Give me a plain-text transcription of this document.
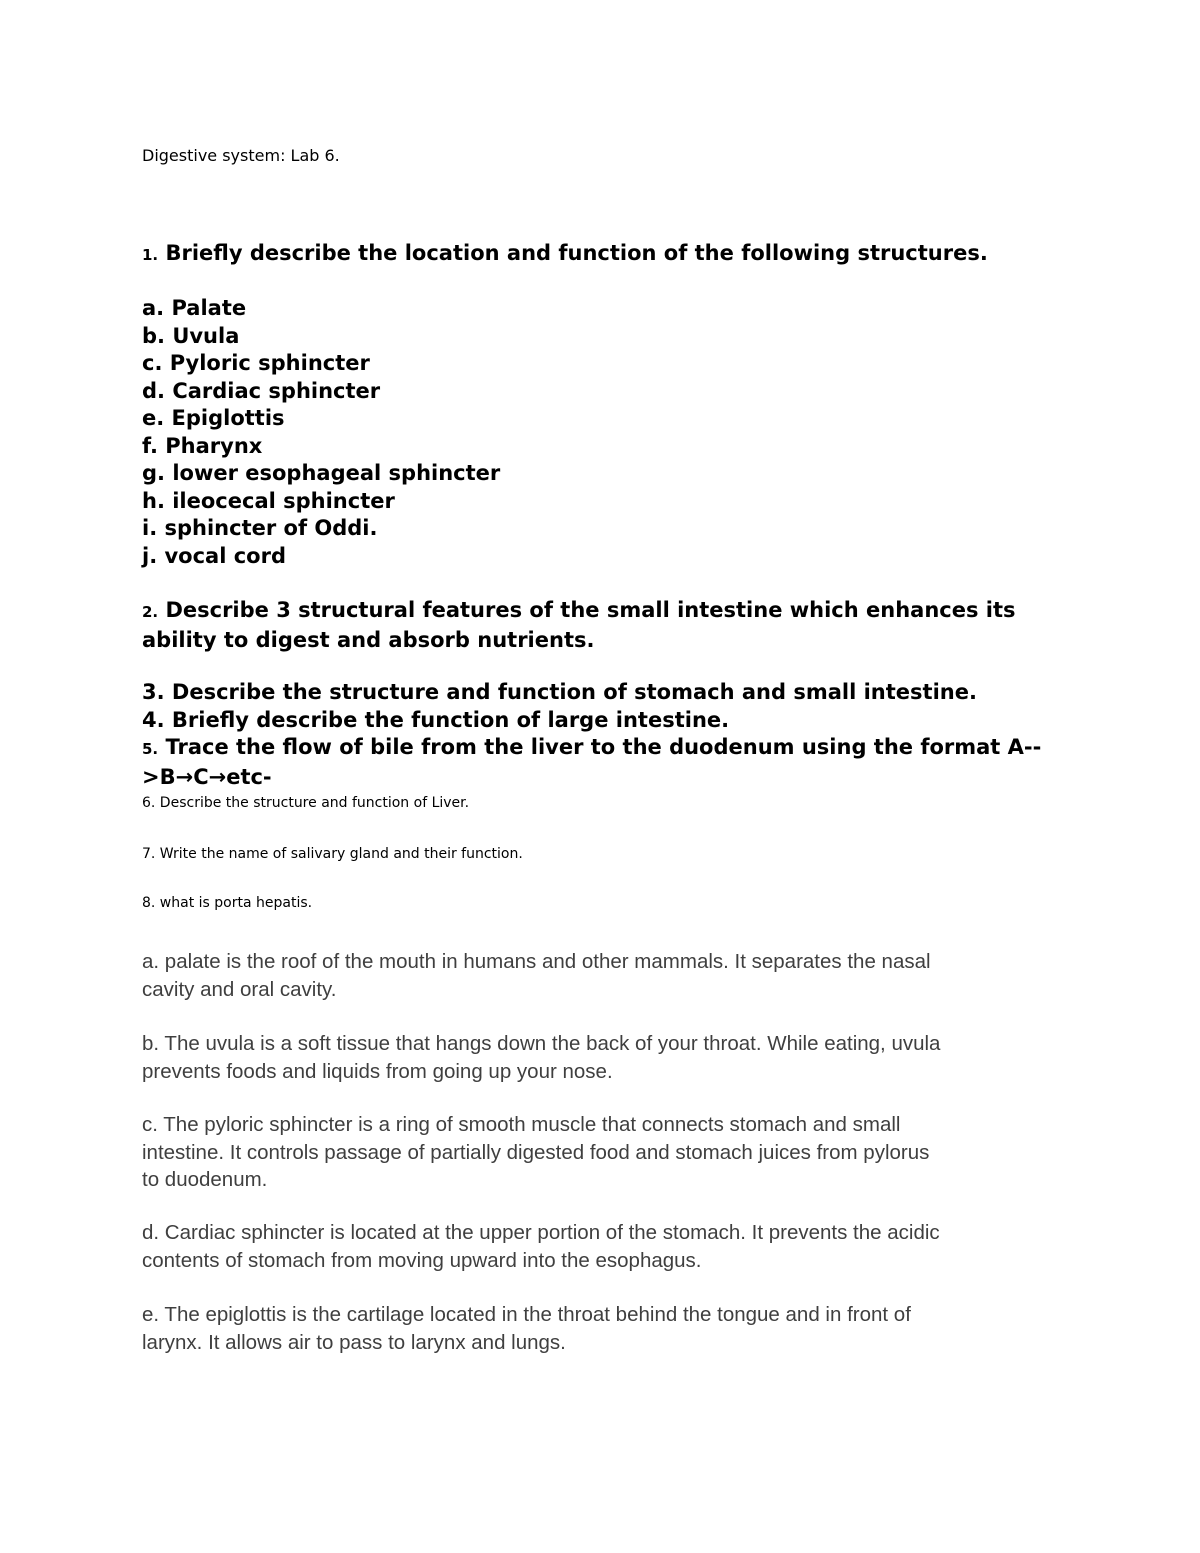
Digestive system: Lab 6.

1. Briefly describe the location and function of the following structures.

a. Palate
b. Uvula
c. Pyloric sphincter
d. Cardiac sphincter
e. Epiglottis
f. Pharynx
g. lower esophageal sphincter
h. ileocecal sphincter
i. sphincter of Oddi.
j. vocal cord

2. Describe 3 structural features of the small intestine which enhances its
ability to digest and absorb nutrients.

3. Describe the structure and function of stomach and small intestine.
4. Briefly describe the function of large intestine.
5. Trace the flow of bile from the liver to the duodenum using the format A--
>B→C→etc-

6. Describe the structure and function of Liver.

7. Write the name of salivary gland and their function.

8. what is porta hepatis.

a. palate is the roof of the mouth in humans and other mammals. It separates the nasal
cavity and oral cavity.

b. The uvula is a soft tissue that hangs down the back of your throat. While eating, uvula
prevents foods and liquids from going up your nose.

c. The pyloric sphincter is a ring of smooth muscle that connects stomach and small
intestine. It controls passage of partially digested food and stomach juices from pylorus
to duodenum.

d. Cardiac sphincter is located at the upper portion of the stomach. It prevents the acidic
contents of stomach from moving upward into the esophagus.

e. The epiglottis is the cartilage located in the throat behind the tongue and in front of
larynx. It allows air to pass to larynx and lungs.
